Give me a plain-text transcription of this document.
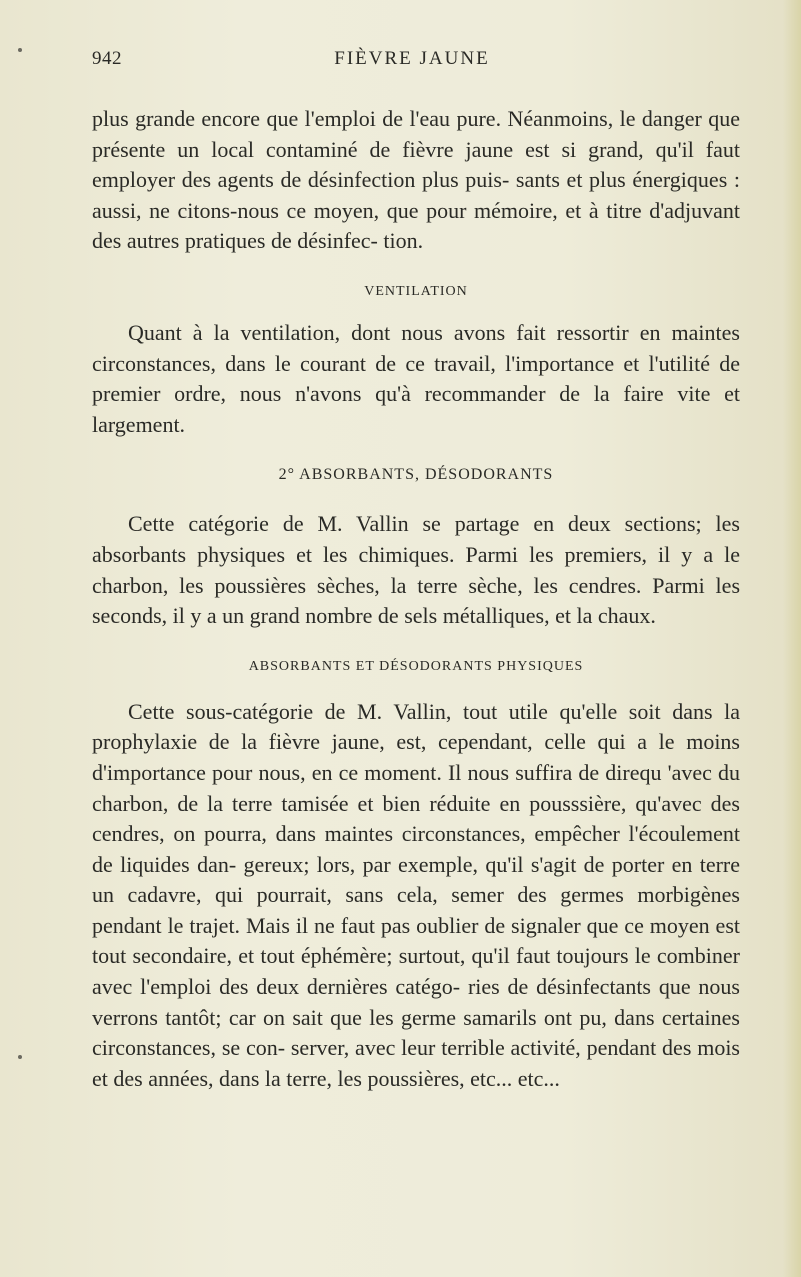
942	FIÈVRE JAUNE

plus grande encore que l'emploi de l'eau pure. Néanmoins, le danger que présente un local contaminé de fièvre jaune est si grand, qu'il faut employer des agents de désinfection plus puis- sants et plus énergiques : aussi, ne citons-nous ce moyen, que pour mémoire, et à titre d'adjuvant des autres pratiques de désinfec- tion.

VENTILATION

Quant à la ventilation, dont nous avons fait ressortir en maintes circonstances, dans le courant de ce travail, l'importance et l'utilité de premier ordre, nous n'avons qu'à recommander de la faire vite et largement.

2° ABSORBANTS, DÉSODORANTS

Cette catégorie de M. Vallin se partage en deux sections; les absorbants physiques et les chimiques. Parmi les premiers, il y a le charbon, les poussières sèches, la terre sèche, les cendres. Parmi les seconds, il y a un grand nombre de sels métalliques, et la chaux.

ABSORBANTS ET DÉSODORANTS PHYSIQUES

Cette sous-catégorie de M. Vallin, tout utile qu'elle soit dans la prophylaxie de la fièvre jaune, est, cependant, celle qui a le moins d'importance pour nous, en ce moment. Il nous suffira de direqu 'avec du charbon, de la terre tamisée et bien réduite en pousssière, qu'avec des cendres, on pourra, dans maintes circonstances, empêcher l'écoulement de liquides dan- gereux; lors, par exemple, qu'il s'agit de porter en terre un cadavre, qui pourrait, sans cela, semer des germes morbigènes pendant le trajet. Mais il ne faut pas oublier de signaler que ce moyen est tout secondaire, et tout éphémère; surtout, qu'il faut toujours le combiner avec l'emploi des deux dernières catégo- ries de désinfectants que nous verrons tantôt; car on sait que les germe samarils ont pu, dans certaines circonstances, se con- server, avec leur terrible activité, pendant des mois et des années, dans la terre, les poussières, etc... etc...
